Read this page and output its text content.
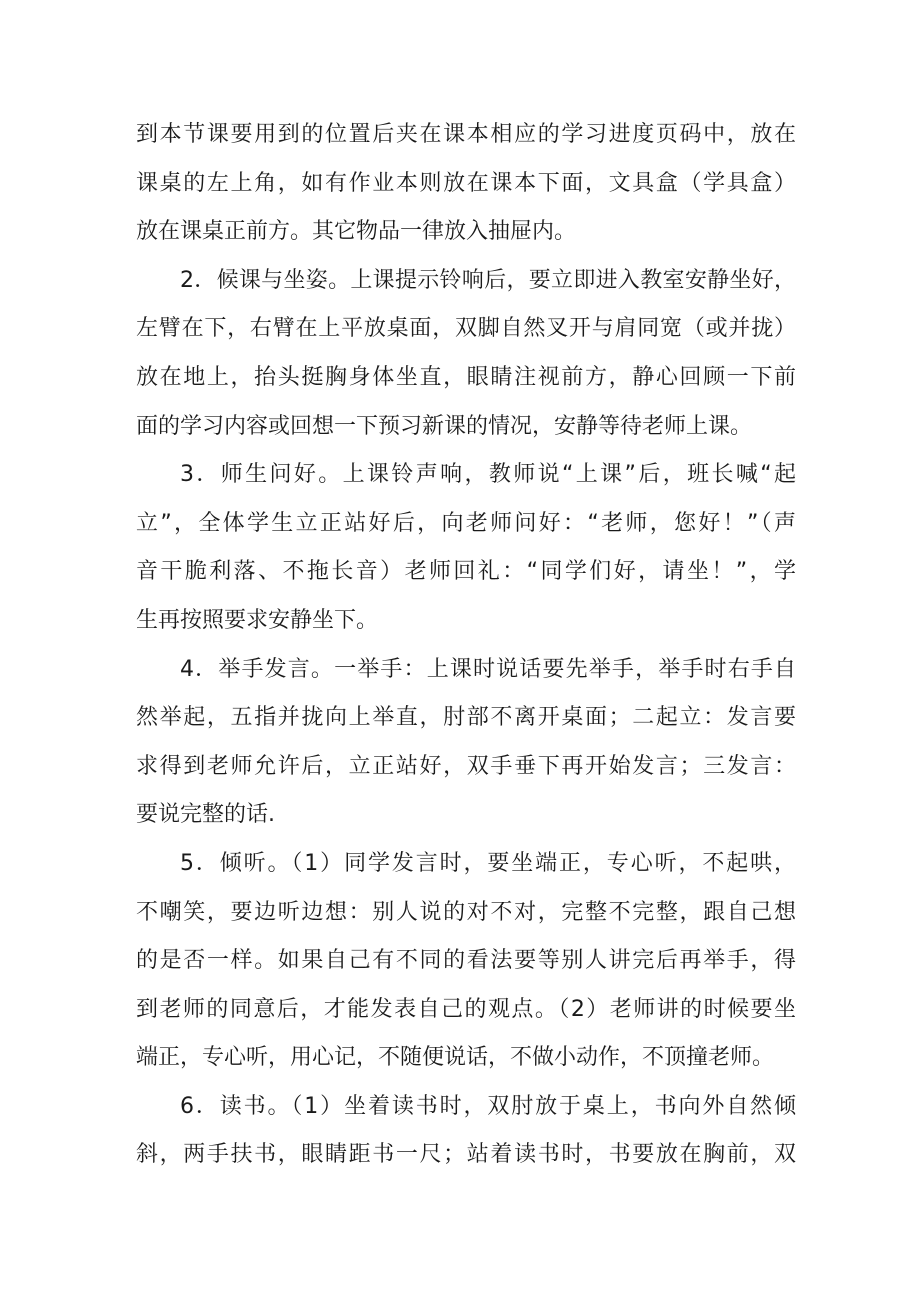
到本节课要用到的位置后夹在课本相应的学习进度页码中，放在
课桌的左上角，如有作业本则放在课本下面，文具盒（学具盒）
放在课桌正前方。其它物品一律放入抽屉内。
2．候课与坐姿。上课提示铃响后，要立即进入教室安静坐好，
左臂在下，右臂在上平放桌面，双脚自然叉开与肩同宽（或并拢）
放在地上，抬头挺胸身体坐直，眼睛注视前方，静心回顾一下前
面的学习内容或回想一下预习新课的情况，安静等待老师上课。
3．师生问好。上课铃声响，教师说“上课”后，班长喊“起
立”，全体学生立正站好后，向老师问好：“老师，您好！”（声
音干脆利落、不拖长音）老师回礼：“同学们好，请坐！”，学
生再按照要求安静坐下。
4．举手发言。一举手：上课时说话要先举手，举手时右手自
然举起，五指并拢向上举直，肘部不离开桌面；二起立：发言要
求得到老师允许后，立正站好，双手垂下再开始发言；三发言：
要说完整的话.
5．倾听。（1）同学发言时，要坐端正，专心听，不起哄，
不嘲笑，要边听边想：别人说的对不对，完整不完整，跟自己想
的是否一样。如果自己有不同的看法要等别人讲完后再举手，得
到老师的同意后，才能发表自己的观点。（2）老师讲的时候要坐
端正，专心听，用心记，不随便说话，不做小动作，不顶撞老师。
6．读书。（1）坐着读书时，双肘放于桌上，书向外自然倾
斜，两手扶书，眼睛距书一尺；站着读书时，书要放在胸前，双
